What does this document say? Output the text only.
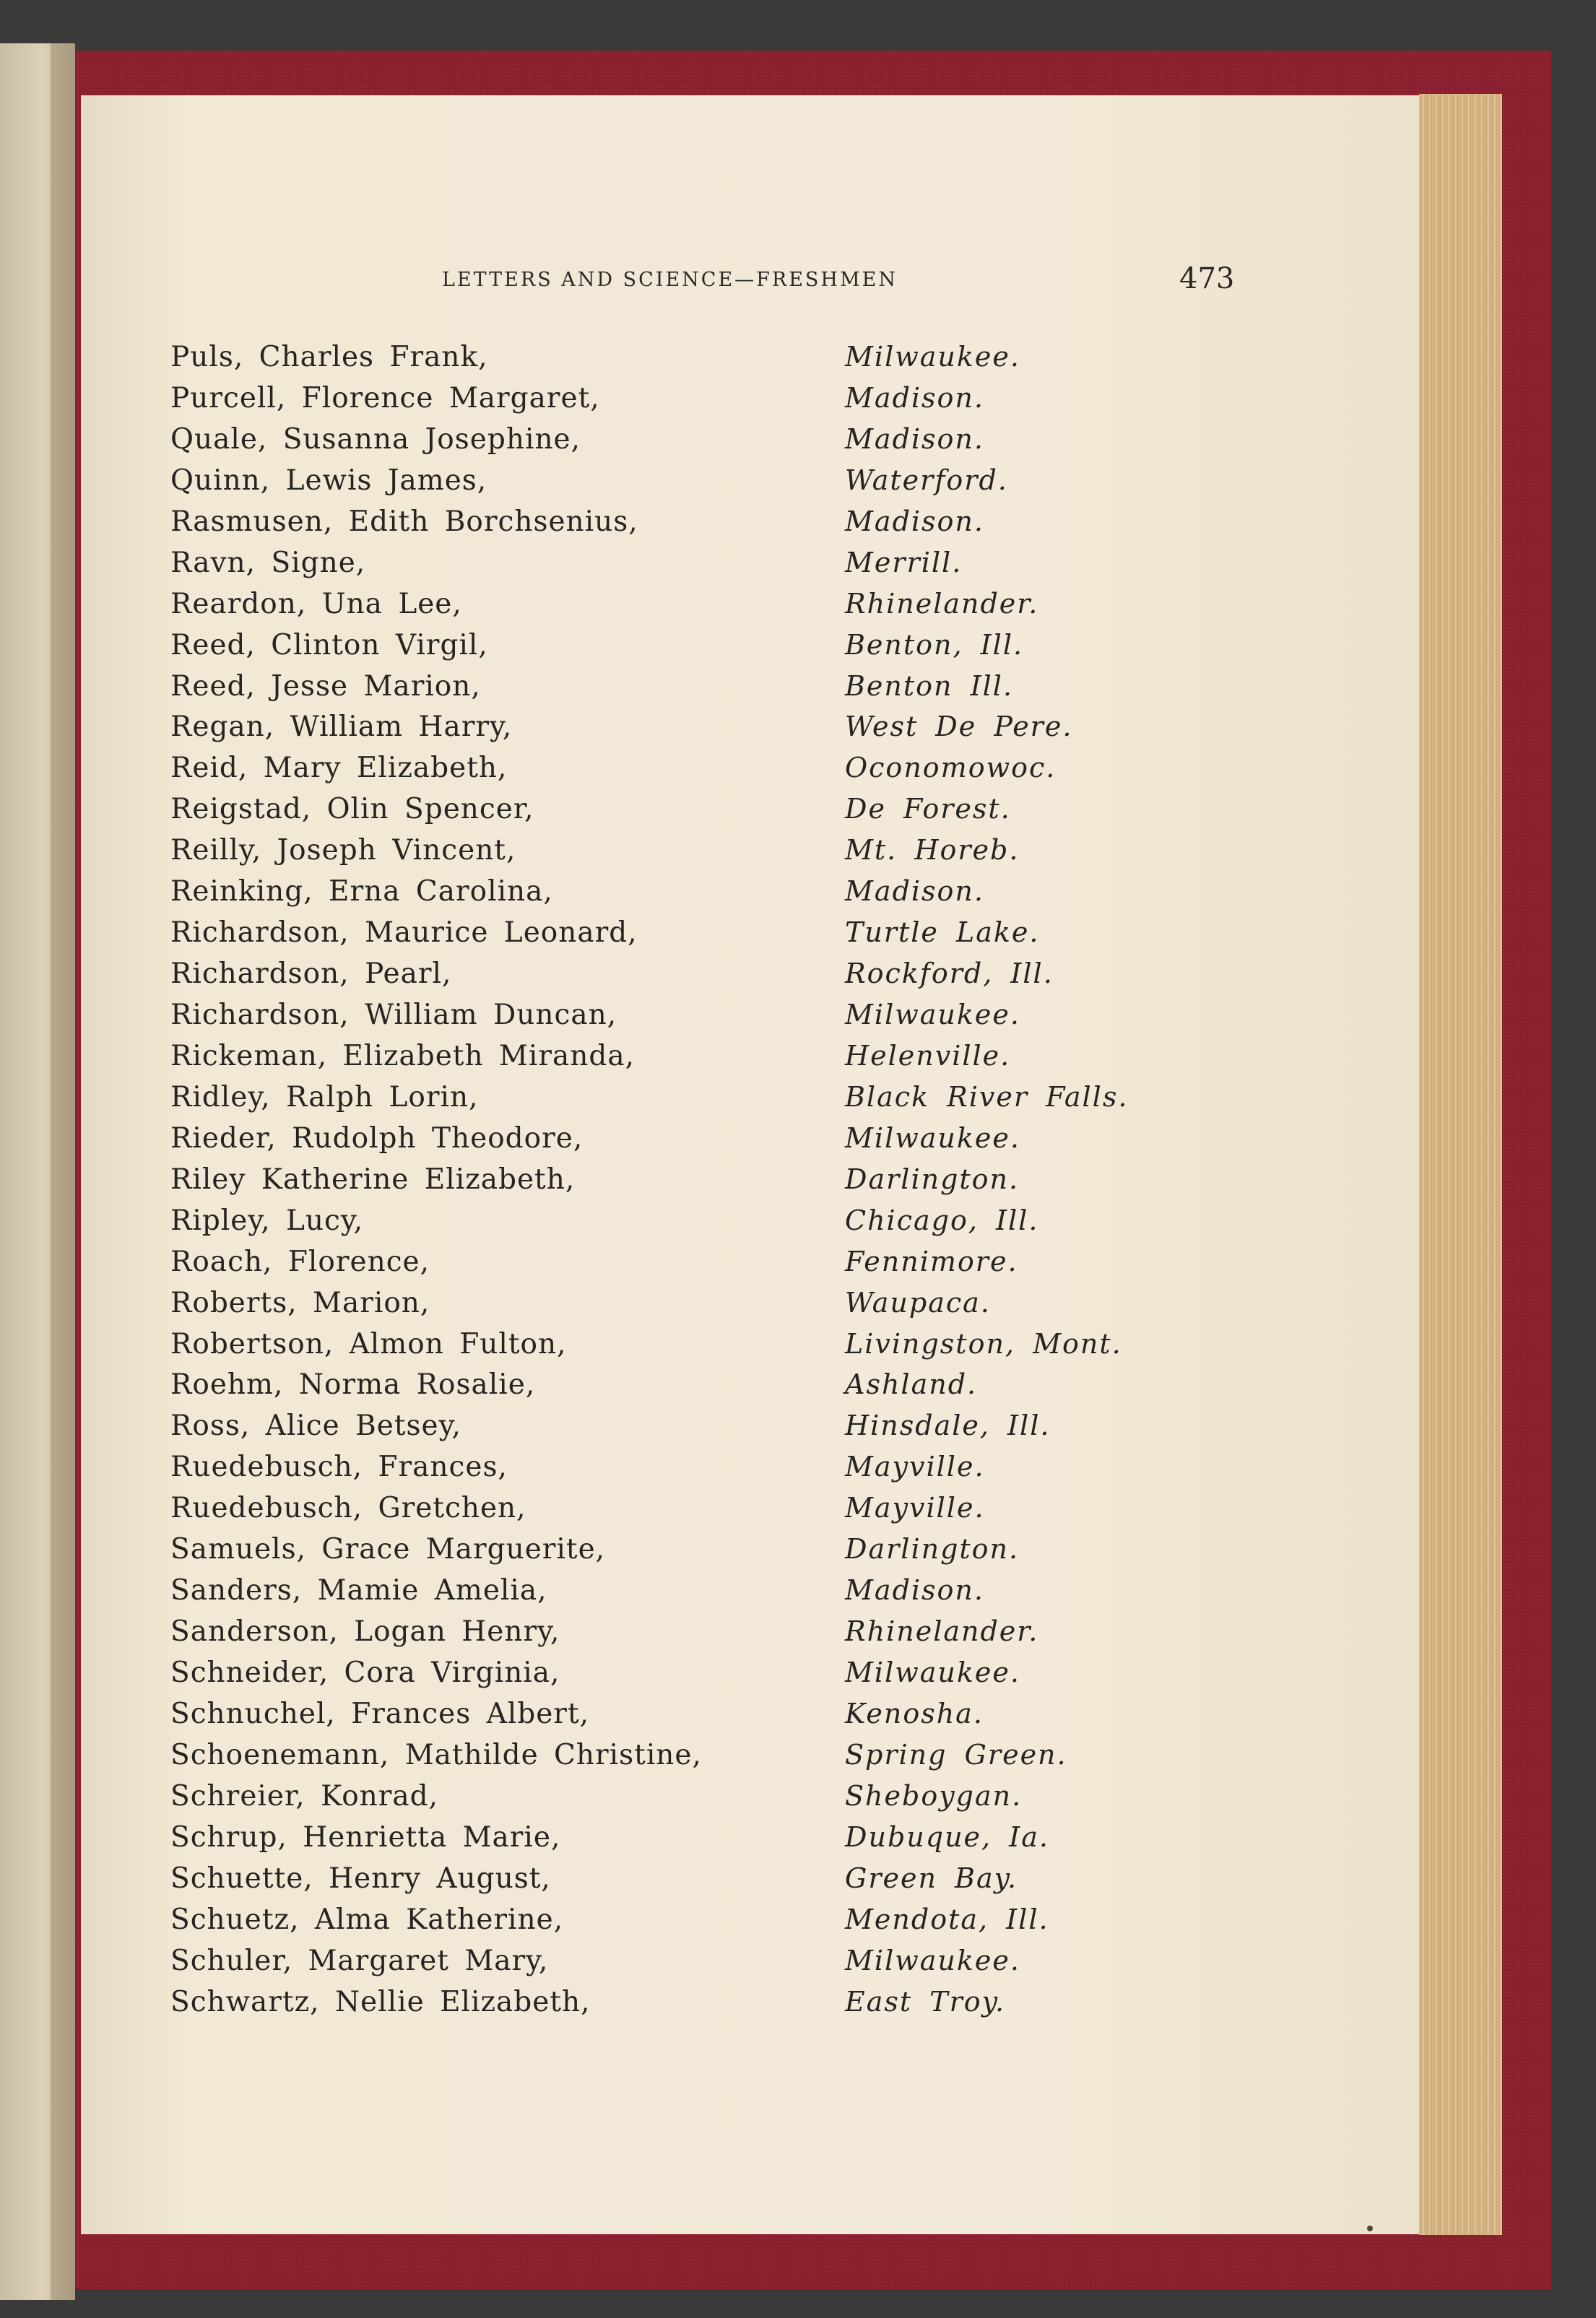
LETTERS AND SCIENCE—FRESHMEN	473
Puls, Charles Frank,	Milwaukee.
Purcell, Florence Margaret,	Madison.
Quale, Susanna Josephine,	Madison.
Quinn, Lewis James,	Waterford.
Rasmusen, Edith Borchsenius,	Madison.
Ravn, Signe,	Merrill.
Reardon, Una Lee,	Rhinelander.
Reed, Clinton Virgil,	Benton, Ill.
Reed, Jesse Marion,	Benton Ill.
Regan, William Harry,	West De Pere.
Reid, Mary Elizabeth,	Oconomowoc.
Reigstad, Olin Spencer,	De Forest.
Reilly, Joseph Vincent,	Mt. Horeb.
Reinking, Erna Carolina,	Madison.
Richardson, Maurice Leonard,	Turtle Lake.
Richardson, Pearl,	Rockford, Ill.
Richardson, William Duncan,	Milwaukee.
Rickeman, Elizabeth Miranda,	Helenville.
Ridley, Ralph Lorin,	Black River Falls.
Rieder, Rudolph Theodore,	Milwaukee.
Riley Katherine Elizabeth,	Darlington.
Ripley, Lucy,	Chicago, Ill.
Roach, Florence,	Fennimore.
Roberts, Marion,	Waupaca.
Robertson, Almon Fulton,	Livingston, Mont.
Roehm, Norma Rosalie,	Ashland.
Ross, Alice Betsey,	Hinsdale, Ill.
Ruedebusch, Frances,	Mayville.
Ruedebusch, Gretchen,	Mayville.
Samuels, Grace Marguerite,	Darlington.
Sanders, Mamie Amelia,	Madison.
Sanderson, Logan Henry,	Rhinelander.
Schneider, Cora Virginia,	Milwaukee.
Schnuchel, Frances Albert,	Kenosha.
Schoenemann, Mathilde Christine,	Spring Green.
Schreier, Konrad,	Sheboygan.
Schrup, Henrietta Marie,	Dubuque, Ia.
Schuette, Henry August,	Green Bay.
Schuetz, Alma Katherine,	Mendota, Ill.
Schuler, Margaret Mary,	Milwaukee.
Schwartz, Nellie Elizabeth,	East Troy.
